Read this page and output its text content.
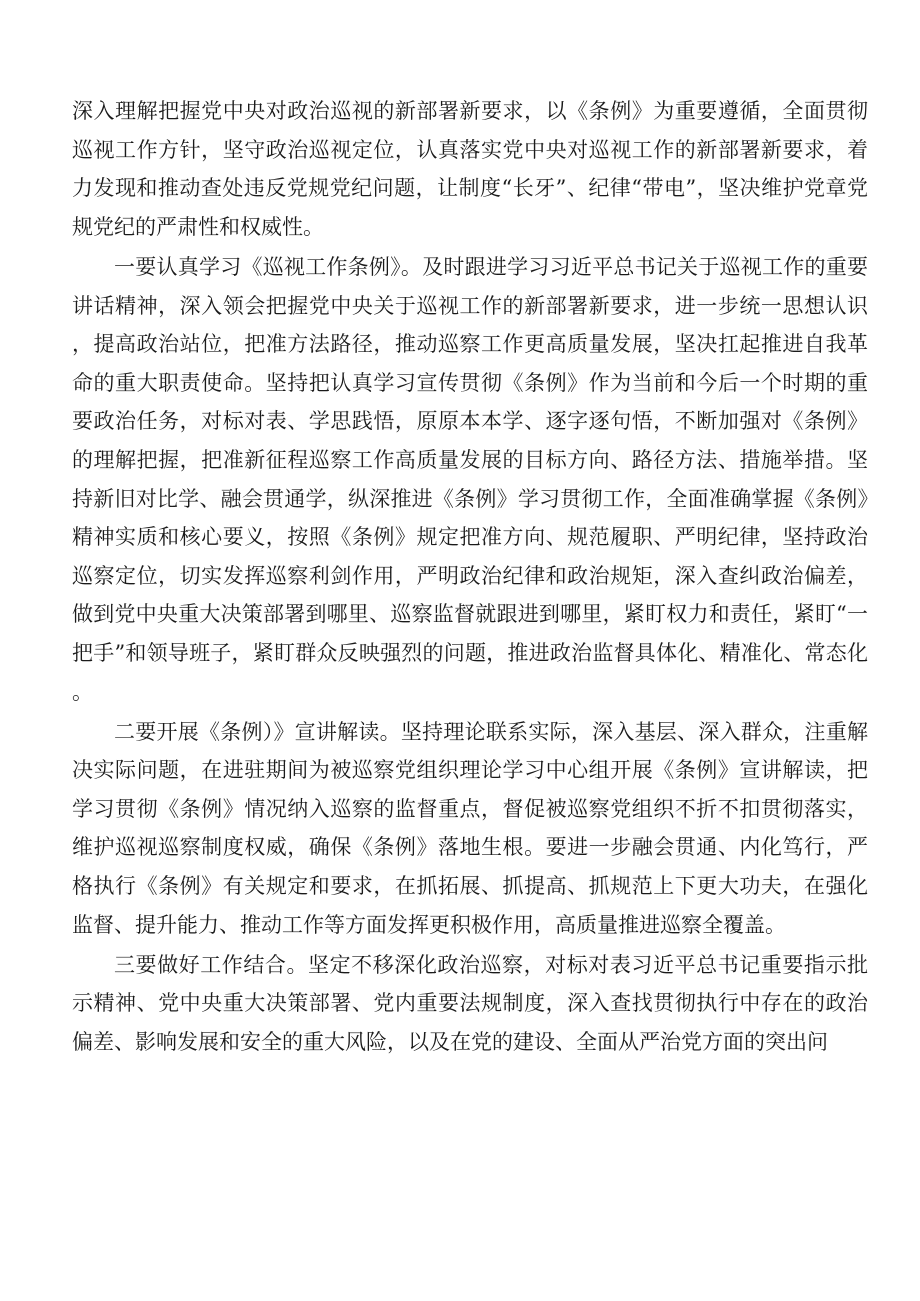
深入理解把握党中央对政治巡视的新部署新要求，以《条例》为重要遵循，全面贯彻巡视工作方针，坚守政治巡视定位，认真落实党中央对巡视工作的新部署新要求，着力发现和推动查处违反党规党纪问题，让制度“长牙”、纪律“带电”，坚决维护党章党规党纪的严肃性和权威性。

一要认真学习《巡视工作条例》。及时跟进学习习近平总书记关于巡视工作的重要讲话精神，深入领会把握党中央关于巡视工作的新部署新要求，进一步统一思想认识，提高政治站位，把准方法路径，推动巡察工作更高质量发展，坚决扛起推进自我革命的重大职责使命。坚持把认真学习宣传贯彻《条例》作为当前和今后一个时期的重要政治任务，对标对表、学思践悟，原原本本学、逐字逐句悟，不断加强对《条例》的理解把握，把准新征程巡察工作高质量发展的目标方向、路径方法、措施举措。坚持新旧对比学、融会贯通学，纵深推进《条例》学习贯彻工作，全面准确掌握《条例》精神实质和核心要义，按照《条例》规定把准方向、规范履职、严明纪律，坚持政治巡察定位，切实发挥巡察利剑作用，严明政治纪律和政治规矩，深入查纠政治偏差，做到党中央重大决策部署到哪里、巡察监督就跟进到哪里，紧盯权力和责任，紧盯“一把手”和领导班子，紧盯群众反映强烈的问题，推进政治监督具体化、精准化、常态化。

二要开展《条例）》宣讲解读。坚持理论联系实际，深入基层、深入群众，注重解决实际问题，在进驻期间为被巡察党组织理论学习中心组开展《条例》宣讲解读，把学习贯彻《条例》情况纳入巡察的监督重点，督促被巡察党组织不折不扣贯彻落实，维护巡视巡察制度权威，确保《条例》落地生根。要进一步融会贯通、内化笃行，严格执行《条例》有关规定和要求，在抓拓展、抓提高、抓规范上下更大功夫，在强化监督、提升能力、推动工作等方面发挥更积极作用，高质量推进巡察全覆盖。

三要做好工作结合。坚定不移深化政治巡察，对标对表习近平总书记重要指示批示精神、党中央重大决策部署、党内重要法规制度，深入查找贯彻执行中存在的政治偏差、影响发展和安全的重大风险，以及在党的建设、全面从严治党方面的突出问
